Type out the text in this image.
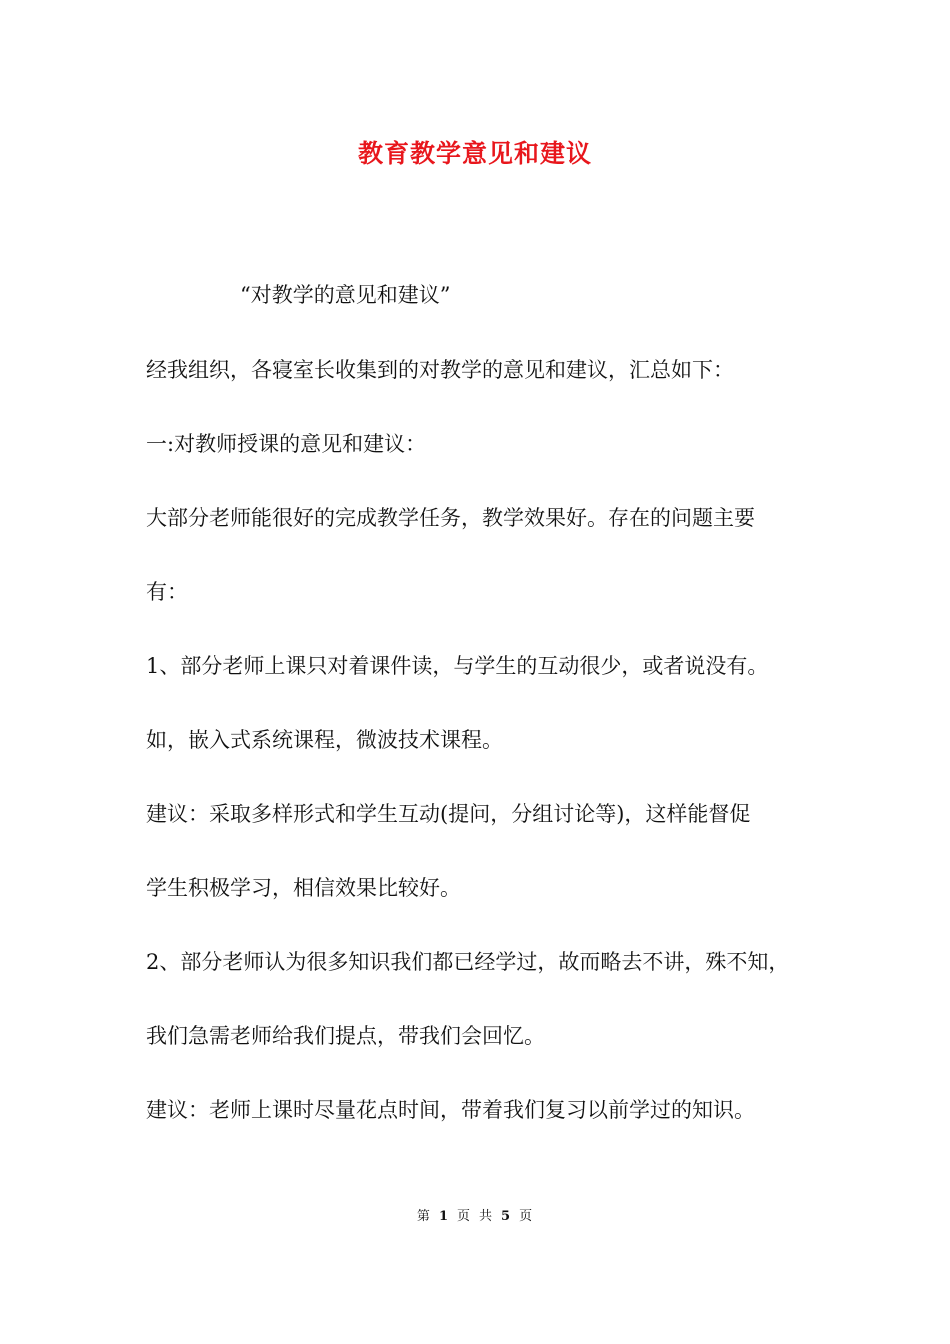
教育教学意见和建议
“对教学的意见和建议”

经我组织，各寝室长收集到的对教学的意见和建议，汇总如下：

一:对教师授课的意见和建议：

大部分老师能很好的完成教学任务，教学效果好。存在的问题主要

有：

1、部分老师上课只对着课件读，与学生的互动很少，或者说没有。

如，嵌入式系统课程，微波技术课程。

建议：采取多样形式和学生互动(提问，分组讨论等)，这样能督促

学生积极学习，相信效果比较好。

2、部分老师认为很多知识我们都已经学过，故而略去不讲，殊不知，

我们急需老师给我们提点，带我们会回忆。

建议：老师上课时尽量花点时间，带着我们复习以前学过的知识。

第 1 页 共 5 页
